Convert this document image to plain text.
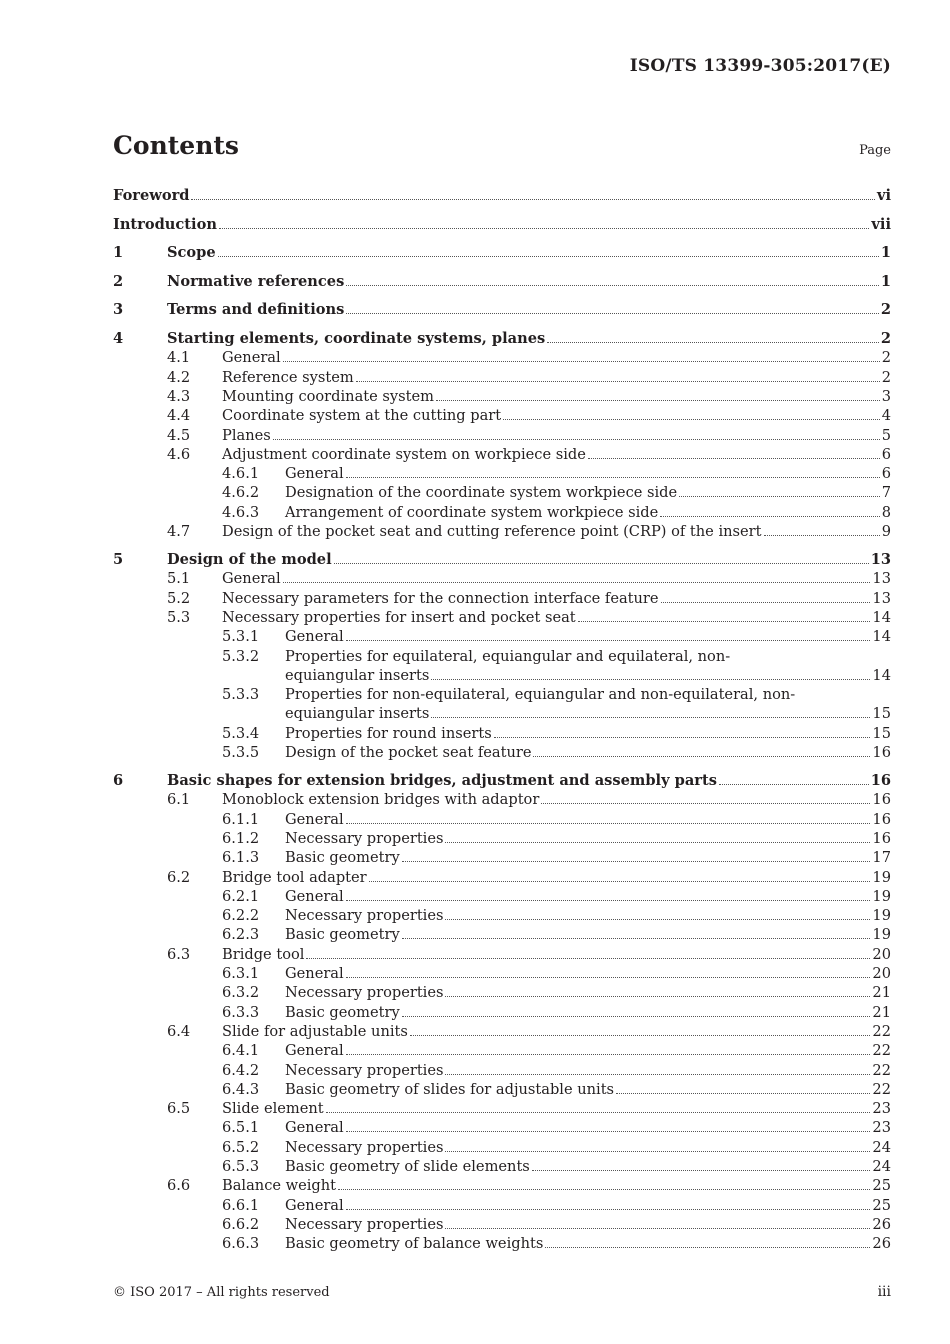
ISO/TS 13399-305:2017(E)
Contents	Page
Foreword	vi
Introduction	vii
1	Scope	1
2	Normative references	1
3	Terms and definitions	2
4	Starting elements, coordinate systems, planes	2
4.1 General	2
4.2 Reference system	2
4.3 Mounting coordinate system	3
4.4 Coordinate system at the cutting part	4
4.5 Planes	5
4.6 Adjustment coordinate system on workpiece side	6
4.6.1 General	6
4.6.2 Designation of the coordinate system workpiece side	7
4.6.3 Arrangement of coordinate system workpiece side	8
4.7 Design of the pocket seat and cutting reference point (CRP) of the insert	9
5	Design of the model	13
5.1 General	13
5.2 Necessary parameters for the connection interface feature	13
5.3 Necessary properties for insert and pocket seat	14
5.3.1 General	14
5.3.2 Properties for equilateral, equiangular and equilateral, non-
equiangular inserts	14
5.3.3 Properties for non-equilateral, equiangular and non-equilateral, non-
equiangular inserts	15
5.3.4 Properties for round inserts	15
5.3.5 Design of the pocket seat feature	16
6	Basic shapes for extension bridges, adjustment and assembly parts	16
6.1 Monoblock extension bridges with adaptor	16
6.1.1 General	16
6.1.2 Necessary properties	16
6.1.3 Basic geometry	17
6.2 Bridge tool adapter	19
6.2.1 General	19
6.2.2 Necessary properties	19
6.2.3 Basic geometry	19
6.3 Bridge tool	20
6.3.1 General	20
6.3.2 Necessary properties	21
6.3.3 Basic geometry	21
6.4 Slide for adjustable units	22
6.4.1 General	22
6.4.2 Necessary properties	22
6.4.3 Basic geometry of slides for adjustable units	22
6.5 Slide element	23
6.5.1 General	23
6.5.2 Necessary properties	24
6.5.3 Basic geometry of slide elements	24
6.6 Balance weight	25
6.6.1 General	25
6.6.2 Necessary properties	26
6.6.3 Basic geometry of balance weights	26
© ISO 2017 – All rights reserved	iii
